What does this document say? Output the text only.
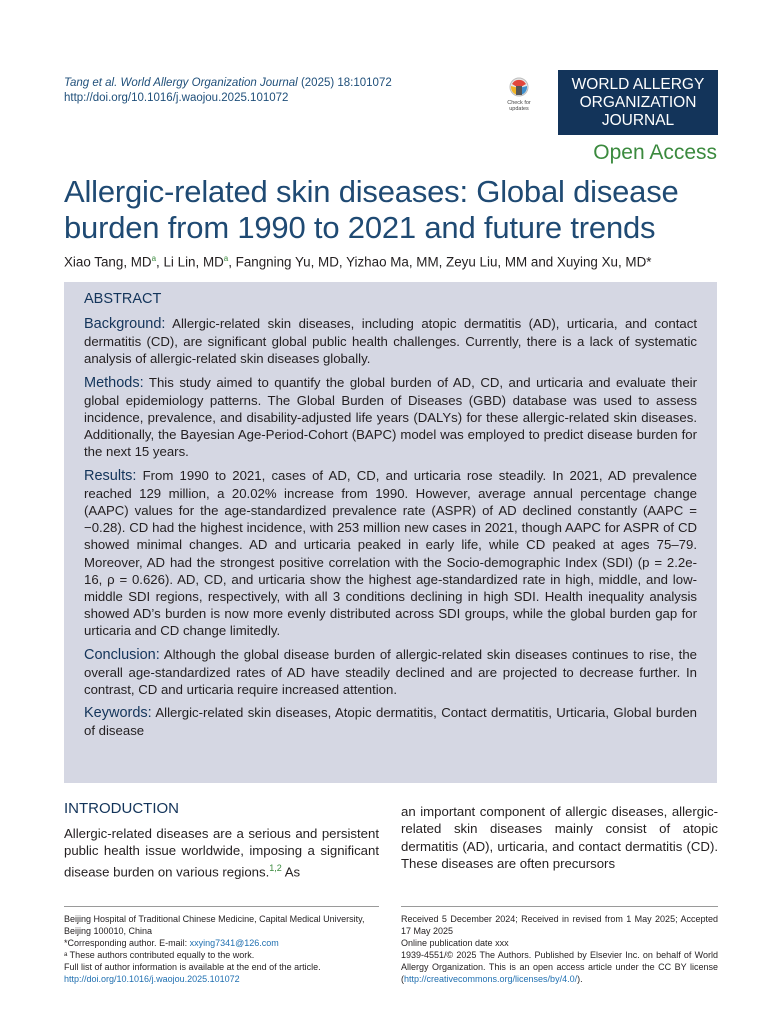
Tang et al. World Allergy Organization Journal (2025) 18:101072
http://doi.org/10.1016/j.waojou.2025.101072	Check for updates
WORLD ALLERGY
ORGANIZATION
JOURNAL
Open Access
Allergic-related skin diseases: Global disease burden from 1990 to 2021 and future trends
Xiao Tang, $MD^a$, Li Lin, $MD^a$, Fangning Yu, MD, Yizhao Ma, MM, Zeyu Liu, MM and Xuying Xu, MD*
ABSTRACT

Background: Allergic-related skin diseases, including atopic dermatitis (AD), urticaria, and contact dermatitis (CD), are significant global public health challenges. Currently, there is a lack of systematic analysis of allergic-related skin diseases globally.

Methods: This study aimed to quantify the global burden of AD, CD, and urticaria and evaluate their global epidemiology patterns. The Global Burden of Diseases (GBD) database was used to assess incidence, prevalence, and disability-adjusted life years (DALYs) for these allergic-related skin diseases. Additionally, the Bayesian Age-Period-Cohort (BAPC) model was employed to predict disease burden for the next 15 years.

Results: From 1990 to 2021, cases of AD, CD, and urticaria rose steadily. In 2021, AD prevalence reached 129 million, a 20.02% increase from 1990. However, average annual percentage change (AAPC) values for the age-standardized prevalence rate (ASPR) of AD declined constantly (AAPC = −0.28). CD had the highest incidence, with 253 million new cases in 2021, though AAPC for ASPR of CD showed minimal changes. AD and urticaria peaked in early life, while CD peaked at ages 75–79. Moreover, AD had the strongest positive correlation with the Socio-demographic Index (SDI) (p = 2.2e-16, ρ = 0.626). AD, CD, and urticaria show the highest age-standardized rate in high, middle, and low-middle SDI regions, respectively, with all 3 conditions declining in high SDI. Health inequality analysis showed AD’s burden is now more evenly distributed across SDI groups, while the global burden gap for urticaria and CD change limitedly.

Conclusion: Although the global disease burden of allergic-related skin diseases continues to rise, the overall age-standardized rates of AD have steadily declined and are projected to decrease further. In contrast, CD and urticaria require increased attention.

Keywords: Allergic-related skin diseases, Atopic dermatitis, Contact dermatitis, Urticaria, Global burden of disease

INTRODUCTION

Allergic-related diseases are a serious and persistent public health issue worldwide, imposing a significant disease burden on various regions.$^{1,2}$ As

an important component of allergic diseases, allergic-related skin diseases mainly consist of atopic dermatitis (AD), urticaria, and contact dermatitis (CD). These diseases are often precursors

Beijing Hospital of Traditional Chinese Medicine, Capital Medical University, Beijing 100010, China
*Corresponding author. E-mail: xxying7341@126.com
ᵃ These authors contributed equally to the work.
Full list of author information is available at the end of the article.
http://doi.org/10.1016/j.waojou.2025.101072
Received 5 December 2024; Received in revised from 1 May 2025; Accepted 17 May 2025
Online publication date xxx
1939-4551/© 2025 The Authors. Published by Elsevier Inc. on behalf of World Allergy Organization. This is an open access article under the CC BY license (http://creativecommons.org/licenses/by/4.0/).
